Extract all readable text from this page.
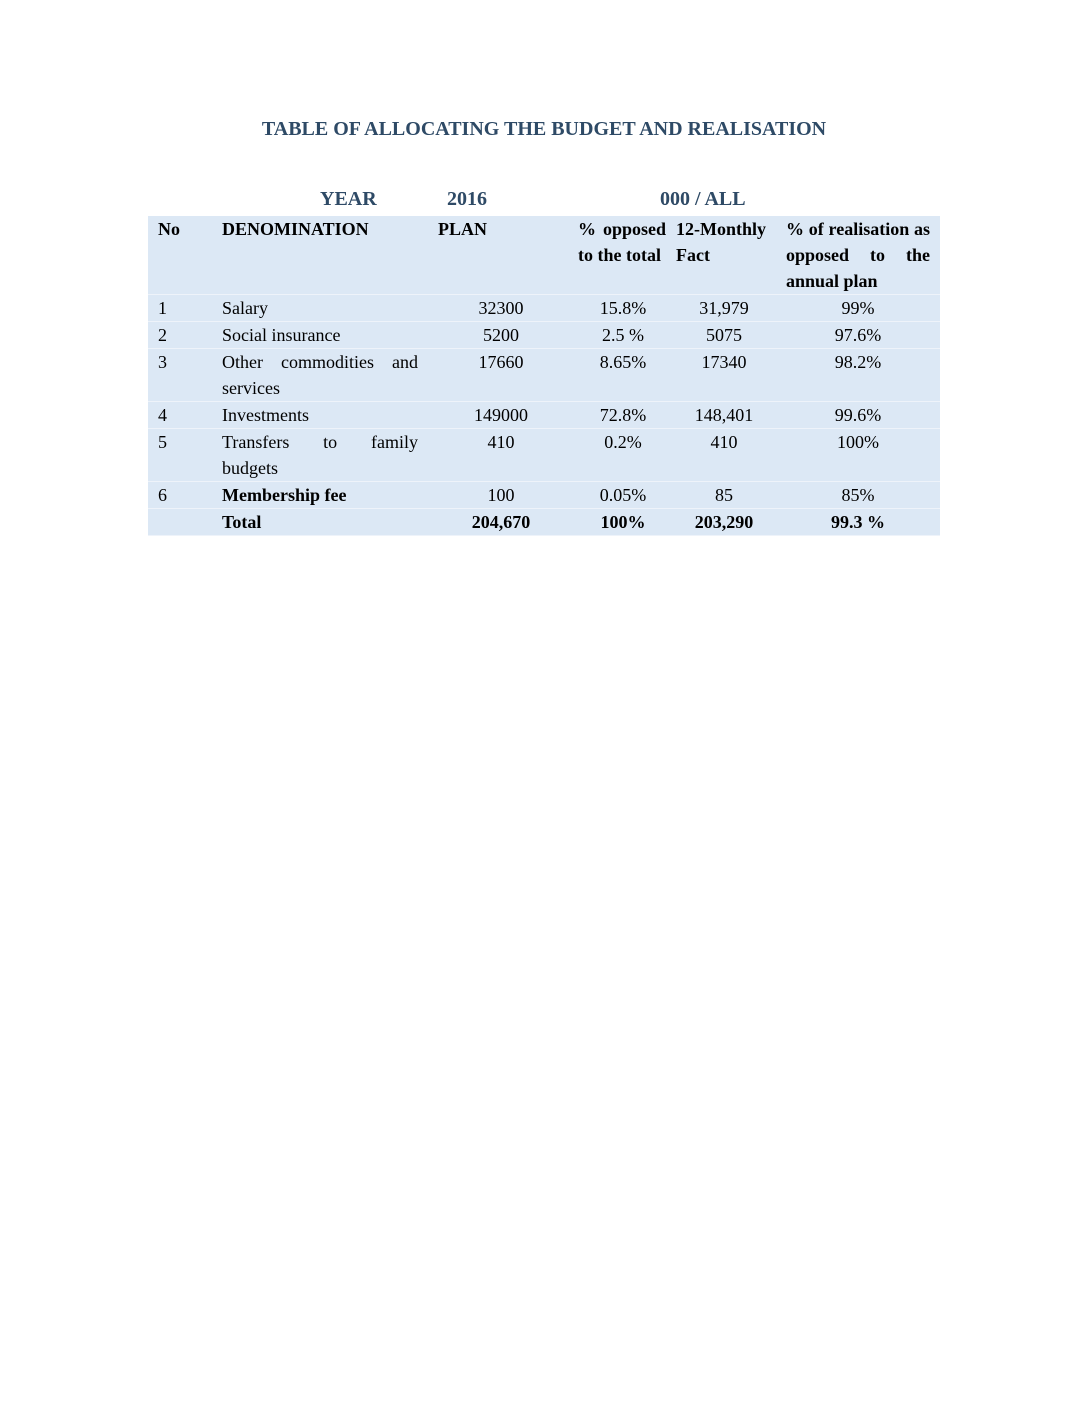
TABLE OF ALLOCATING THE BUDGET AND REALISATION
YEAR	2016	000 / ALL
No	DENOMINATION	PLAN	% opposed to the total	12-Monthly Fact	% of realisation as opposed to the annual plan
1	Salary	32300	15.8%	31,979	99%
2	Social insurance	5200	2.5 %	5075	97.6%
3	Other commodities and services	17660	8.65%	17340	98.2%
4	Investments	149000	72.8%	148,401	99.6%
5	Transfers to family budgets	410	0.2%	410	100%
6	Membership fee	100	0.05%	85	85%
	Total	204,670	100%	203,290	99.3 %
